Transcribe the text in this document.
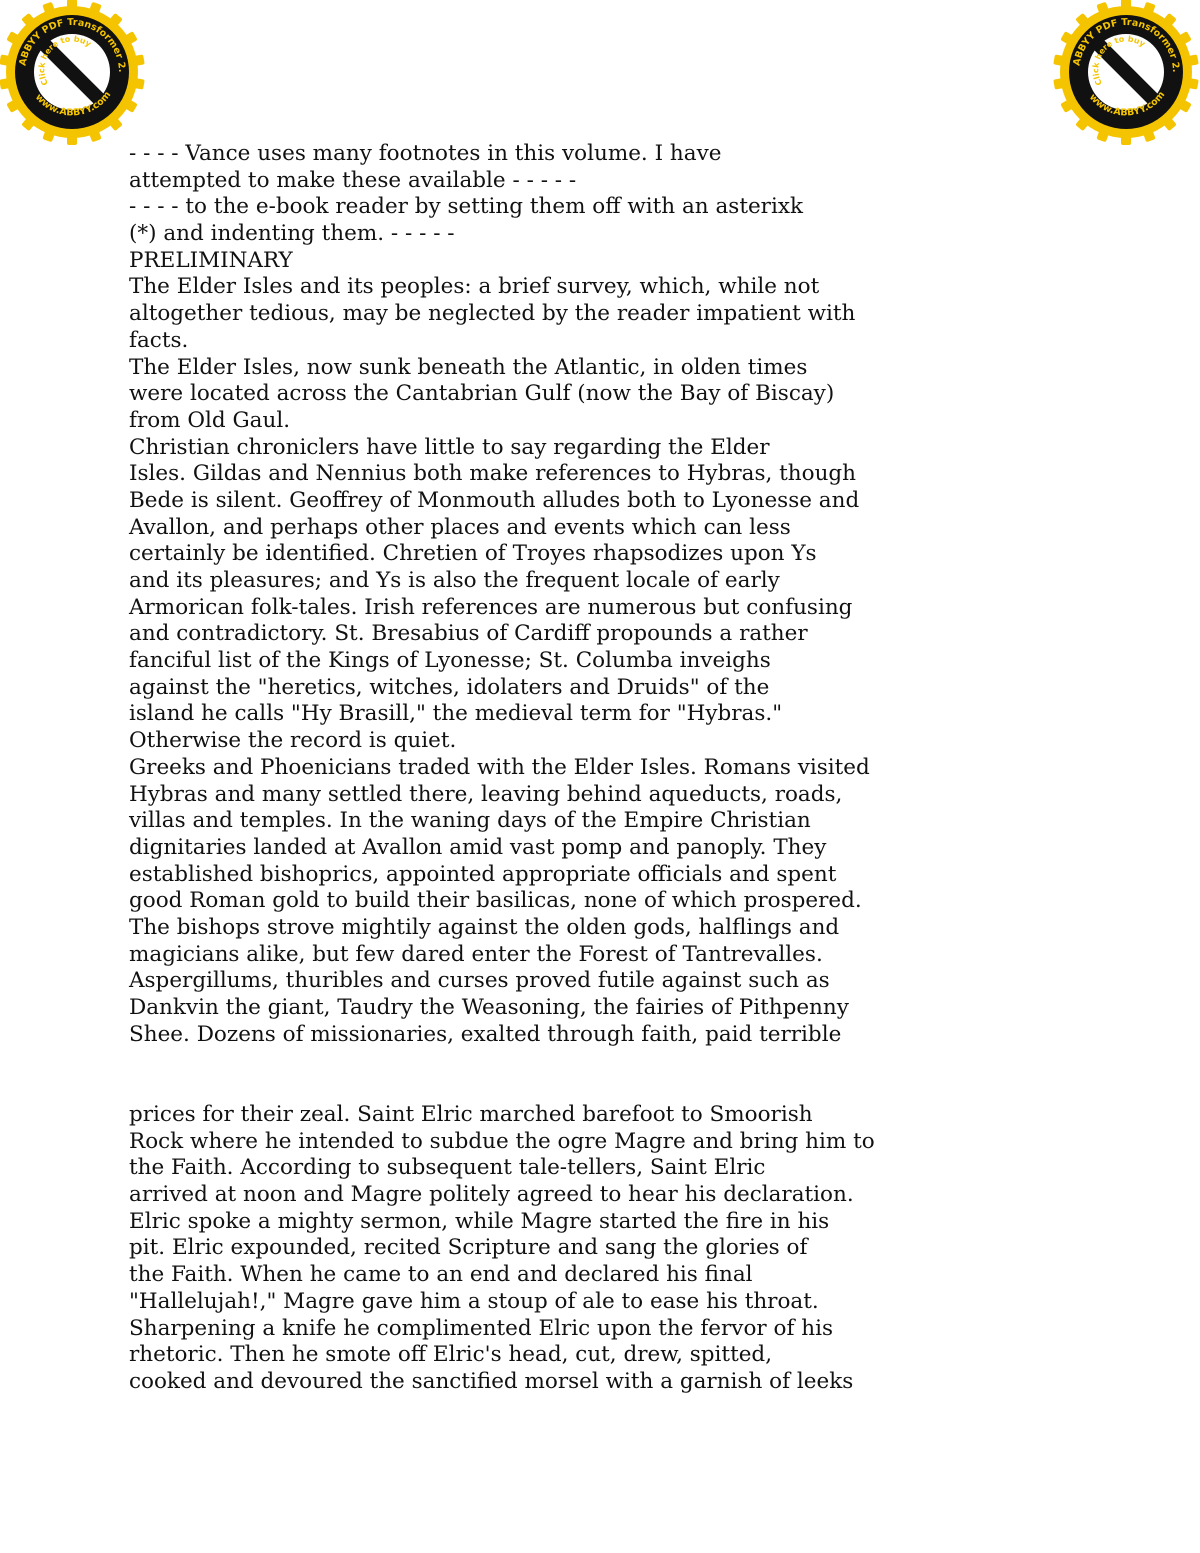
- - - - Vance uses many footnotes in this volume. I have
attempted to make these available - - - - -
- - - - to the e-book reader by setting them off with an asterixk
(*) and indenting them. - - - - -
PRELIMINARY
The Elder Isles and its peoples: a brief survey, which, while not
altogether tedious, may be neglected by the reader impatient with
facts.
The Elder Isles, now sunk beneath the Atlantic, in olden times
were located across the Cantabrian Gulf (now the Bay of Biscay)
from Old Gaul.
Christian chroniclers have little to say regarding the Elder
Isles. Gildas and Nennius both make references to Hybras, though
Bede is silent. Geoffrey of Monmouth alludes both to Lyonesse and
Avallon, and perhaps other places and events which can less
certainly be identified. Chretien of Troyes rhapsodizes upon Ys
and its pleasures; and Ys is also the frequent locale of early
Armorican folk-tales. Irish references are numerous but confusing
and contradictory. St. Bresabius of Cardiff propounds a rather
fanciful list of the Kings of Lyonesse; St. Columba inveighs
against the "heretics, witches, idolaters and Druids" of the
island he calls "Hy Brasill," the medieval term for "Hybras."
Otherwise the record is quiet.
Greeks and Phoenicians traded with the Elder Isles. Romans visited
Hybras and many settled there, leaving behind aqueducts, roads,
villas and temples. In the waning days of the Empire Christian
dignitaries landed at Avallon amid vast pomp and panoply. They
established bishoprics, appointed appropriate officials and spent
good Roman gold to build their basilicas, none of which prospered.
The bishops strove mightily against the olden gods, halflings and
magicians alike, but few dared enter the Forest of Tantrevalles.
Aspergillums, thuribles and curses proved futile against such as
Dankvin the giant, Taudry the Weasoning, the fairies of Pithpenny
Shee. Dozens of missionaries, exalted through faith, paid terrible
prices for their zeal. Saint Elric marched barefoot to Smoorish
Rock where he intended to subdue the ogre Magre and bring him to
the Faith. According to subsequent tale-tellers, Saint Elric
arrived at noon and Magre politely agreed to hear his declaration.
Elric spoke a mighty sermon, while Magre started the fire in his
pit. Elric expounded, recited Scripture and sang the glories of
the Faith. When he came to an end and declared his final
"Hallelujah!," Magre gave him a stoup of ale to ease his throat.
Sharpening a knife he complimented Elric upon the fervor of his
rhetoric. Then he smote off Elric's head, cut, drew, spitted,
cooked and devoured the sanctified morsel with a garnish of leeks
